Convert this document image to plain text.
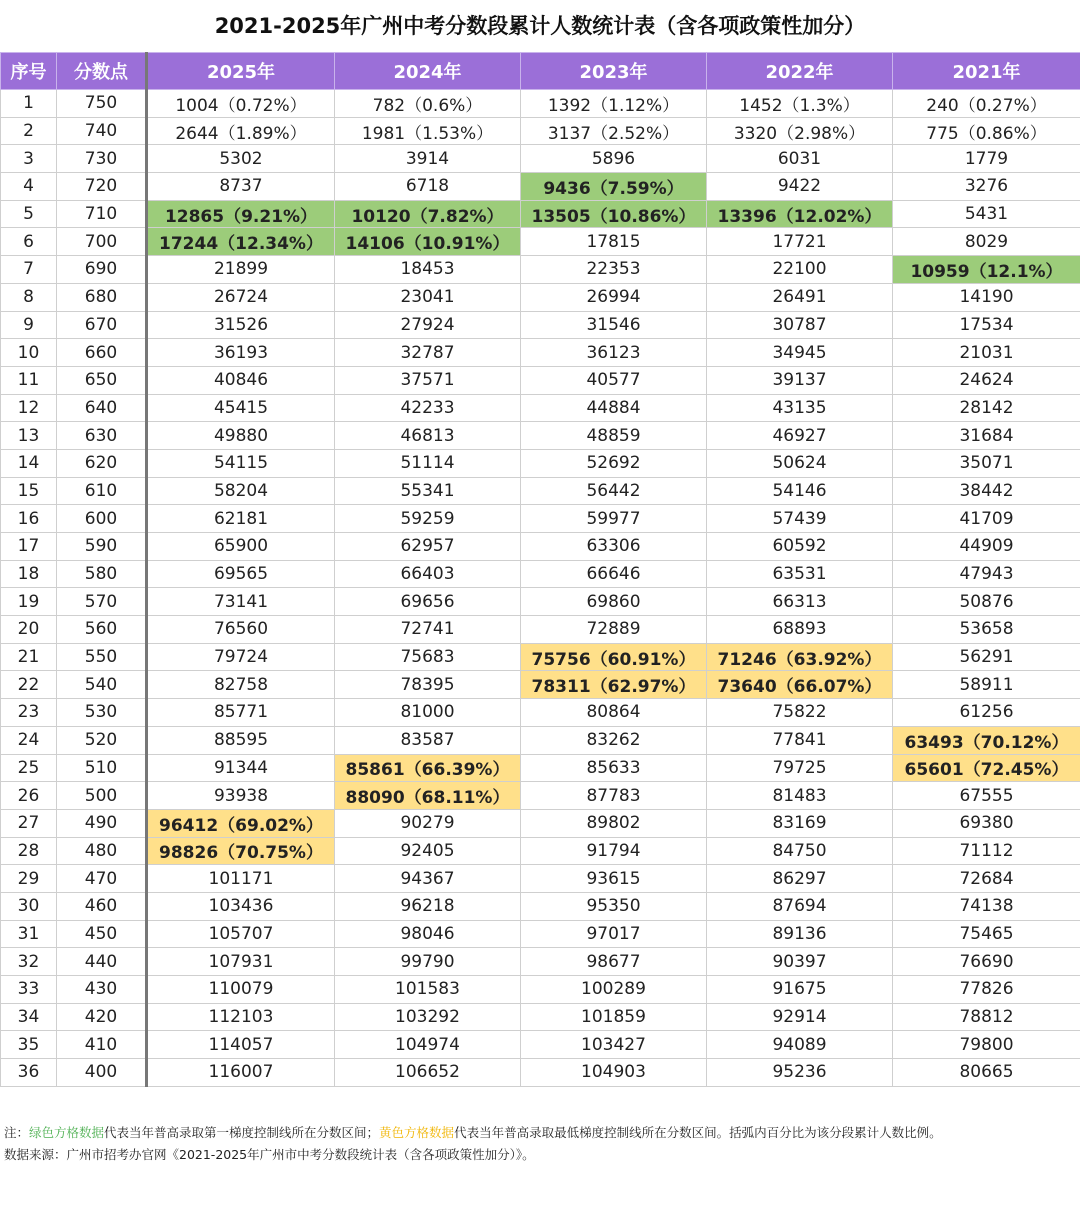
2021-2025年广州中考分数段累计人数统计表（含各项政策性加分）
序号	分数点	2025年	2024年	2023年	2022年	2021年
1	750	1004（0.72%）	782（0.6%）	1392（1.12%）	1452（1.3%）	240（0.27%）
2	740	2644（1.89%）	1981（1.53%）	3137（2.52%）	3320（2.98%）	775（0.86%）
3	730	5302	3914	5896	6031	1779
4	720	8737	6718	9436（7.59%）	9422	3276
5	710	12865（9.21%）	10120（7.82%）	13505（10.86%）	13396（12.02%）	5431
6	700	17244（12.34%）	14106（10.91%）	17815	17721	8029
7	690	21899	18453	22353	22100	10959（12.1%）
8	680	26724	23041	26994	26491	14190
9	670	31526	27924	31546	30787	17534
10	660	36193	32787	36123	34945	21031
11	650	40846	37571	40577	39137	24624
12	640	45415	42233	44884	43135	28142
13	630	49880	46813	48859	46927	31684
14	620	54115	51114	52692	50624	35071
15	610	58204	55341	56442	54146	38442
16	600	62181	59259	59977	57439	41709
17	590	65900	62957	63306	60592	44909
18	580	69565	66403	66646	63531	47943
19	570	73141	69656	69860	66313	50876
20	560	76560	72741	72889	68893	53658
21	550	79724	75683	75756（60.91%）	71246（63.92%）	56291
22	540	82758	78395	78311（62.97%）	73640（66.07%）	58911
23	530	85771	81000	80864	75822	61256
24	520	88595	83587	83262	77841	63493（70.12%）
25	510	91344	85861（66.39%）	85633	79725	65601（72.45%）
26	500	93938	88090（68.11%）	87783	81483	67555
27	490	96412（69.02%）	90279	89802	83169	69380
28	480	98826（70.75%）	92405	91794	84750	71112
29	470	101171	94367	93615	86297	72684
30	460	103436	96218	95350	87694	74138
31	450	105707	98046	97017	89136	75465
32	440	107931	99790	98677	90397	76690
33	430	110079	101583	100289	91675	77826
34	420	112103	103292	101859	92914	78812
35	410	114057	104974	103427	94089	79800
36	400	116007	106652	104903	95236	80665
注：绿色方格数据代表当年普高录取第一梯度控制线所在分数区间；黄色方格数据代表当年普高录取最低梯度控制线所在分数区间。括弧内百分比为该分段累计人数比例。
数据来源：广州市招考办官网《2021-2025年广州市中考分数段统计表（含各项政策性加分）》。
